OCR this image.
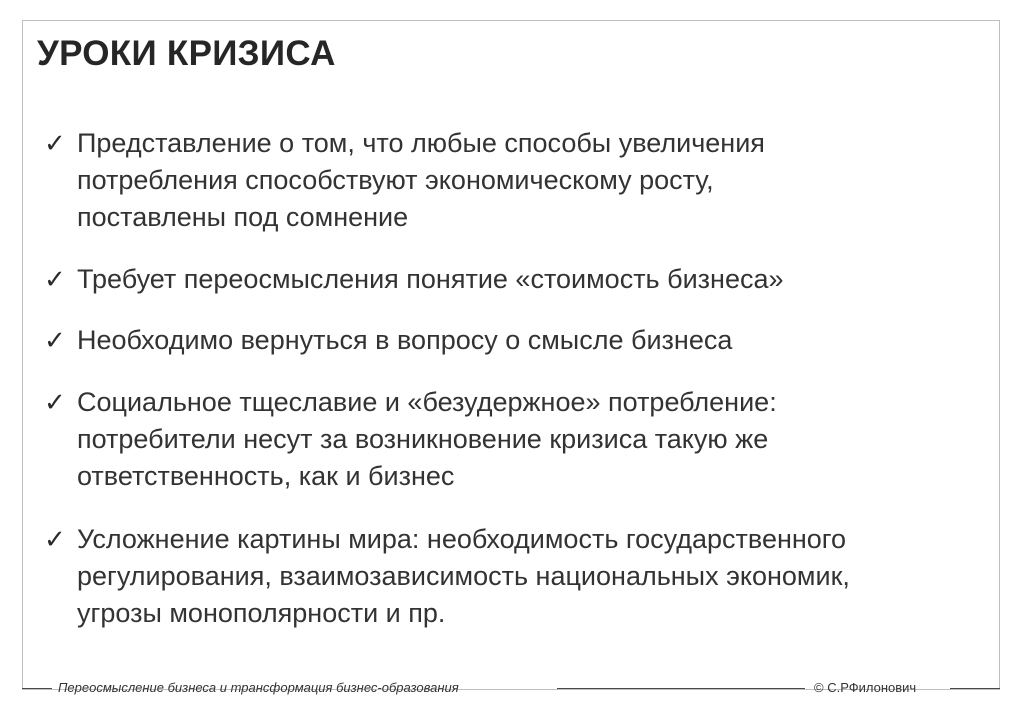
УРОКИ КРИЗИСА
✓ Представление о том, что любые способы увеличения
потребления способствуют экономическому росту,
поставлены под сомнение
✓ Требует переосмысления понятие «стоимость бизнеса»
✓ Необходимо вернуться в вопросу о смысле бизнеса
✓ Социальное тщеславие и «безудержное» потребление:
потребители несут за возникновение кризиса такую же
ответственность, как и бизнес
✓ Усложнение картины мира: необходимость государственного
регулирования, взаимозависимость национальных экономик,
угрозы монополярности и пр.
Переосмысление бизнеса и трансформация бизнес-образования	© С.РФилонович
